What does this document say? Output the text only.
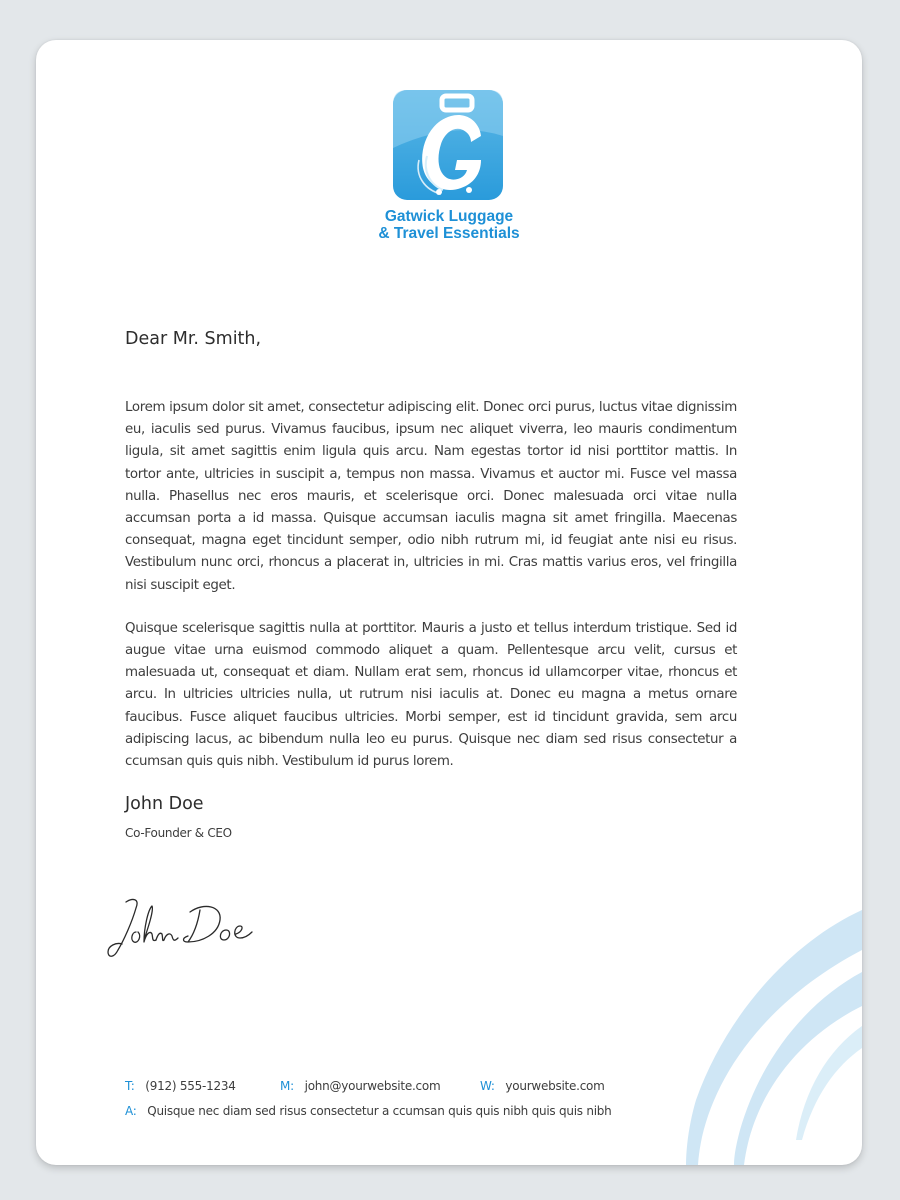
Gatwick Luggage
& Travel Essentials
Dear Mr. Smith,

Lorem ipsum dolor sit amet, consectetur adipiscing elit. Donec orci purus, luctus vitae dignissim eu, iaculis sed purus. Vivamus faucibus, ipsum nec aliquet viverra, leo mauris condimentum ligula, sit amet sagittis enim ligula quis arcu. Nam egestas tortor id nisi porttitor mattis. In tortor ante, ultricies in suscipit a, tempus non massa. Vivamus et auctor mi. Fusce vel massa nulla. Phasellus nec eros mauris, et scelerisque orci. Donec malesuada orci vitae nulla accumsan porta a id massa. Quisque accumsan iaculis magna sit amet fringilla. Maecenas consequat, magna eget tincidunt semper, odio nibh rutrum mi, id feugiat ante nisi eu risus. Vestibulum nunc orci, rhoncus a placerat in, ultricies in mi. Cras mattis varius eros, vel fringilla nisi suscipit eget.

Quisque scelerisque sagittis nulla at porttitor. Mauris a justo et tellus interdum tristique. Sed id augue vitae urna euismod commodo aliquet a quam. Pellentesque arcu velit, cursus et malesuada ut, consequat et diam. Nullam erat sem, rhoncus id ullamcorper vitae, rhoncus et arcu. In ultricies ultricies nulla, ut rutrum nisi iaculis at. Donec eu magna a metus ornare faucibus. Fusce aliquet faucibus ultricies. Morbi semper, est id tincidunt gravida, sem arcu adipiscing lacus, ac bibendum nulla leo eu purus. Quisque nec diam sed risus consectetur a ccumsan quis quis nibh. Vestibulum id purus lorem.

John Doe
Co-Founder & CEO
T: (912) 555-1234	M: john@yourwebsite.com	W: yourwebsite.com
A: Quisque nec diam sed risus consectetur a ccumsan quis quis nibh quis quis nibh
